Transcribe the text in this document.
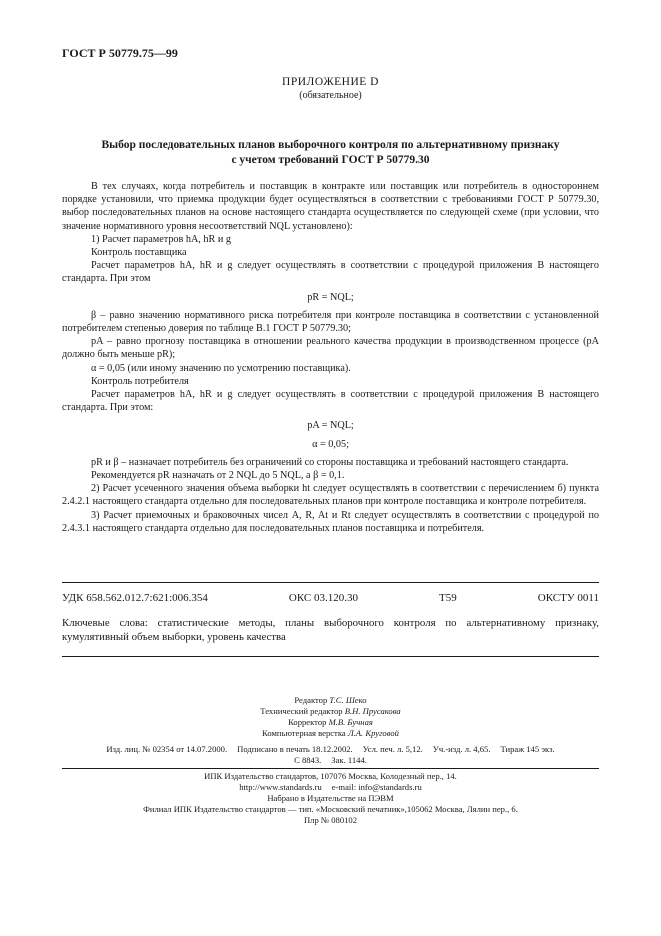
ГОСТ Р 50779.75—99
ПРИЛОЖЕНИЕ D
(обязательное)
Выбор последовательных планов выборочного контроля по альтернативному признаку
с учетом требований ГОСТ Р 50779.30

В тех случаях, когда потребитель и поставщик в контракте или поставщик или потребитель в одностороннем порядке установили, что приемка продукции будет осуществляться в соответствии с требованиями ГОСТ Р 50779.30, выбор последовательных планов на основе настоящего стандарта осуществляется по следующей схеме (при условии, что значение нормативного уровня несоответствий NQL установлено):

1) Расчет параметров hA, hR и g

Контроль поставщика

Расчет параметров hA, hR и g следует осуществлять в соответствии с процедурой приложения В настоящего стандарта. При этом

pR = NQL;

β – равно значению нормативного риска потребителя при контроле поставщика в соответствии с установленной потребителем степенью доверия по таблице В.1 ГОСТ Р 50779.30;

pA – равно прогнозу поставщика в отношении реального качества продукции в производственном процессе (pA должно быть меньше pR);

α = 0,05 (или иному значению по усмотрению поставщика).

Контроль потребителя

Расчет параметров hA, hR и g следует осуществлять в соответствии с процедурой приложения В настоящего стандарта. При этом:

pA = NQL;

α = 0,05;

pR и β – назначает потребитель без ограничений со стороны поставщика и требований настоящего стандарта.

Рекомендуется pR назначать от 2 NQL до 5 NQL, а β = 0,1.

2) Расчет усеченного значения объема выборки ht следует осуществлять в соответствии с перечислением б) пункта 2.4.2.1 настоящего стандарта отдельно для последовательных планов при контроле поставщика и контроле потребителя.

3) Расчет приемочных и браковочных чисел A, R, At и Rt следует осуществлять в соответствии с процедурой по 2.4.3.1 настоящего стандарта отдельно для последовательных планов поставщика и потребителя.

УДК 658.562.012.7:621:006.354	ОКС 03.120.30	Т59	ОКСТУ 0011
Ключевые слова: статистические методы, планы выборочного контроля по альтернативному признаку, кумулятивный объем выборки, уровень качества
Редактор Т.С. Шеко
Технический редактор В.Н. Прусакова
Корректор М.В. Бучная
Компьютерная верстка Л.А. Круговой
Изд. лиц. № 02354 от 14.07.2000. Подписано в печать 18.12.2002. Усл. печ. л. 5,12. Уч.-изд. л. 4,65. Тираж 145 экз.
С 8843. Зак. 1144.
ИПК Издательство стандартов, 107076 Москва, Колодезный пер., 14.
http://www.standards.ru e-mail: info@standards.ru
Набрано в Издательстве на ПЭВМ
Филиал ИПК Издательство стандартов — тип. «Московский печатник»,105062 Москва, Лялин пер., 6.
Плр № 080102
